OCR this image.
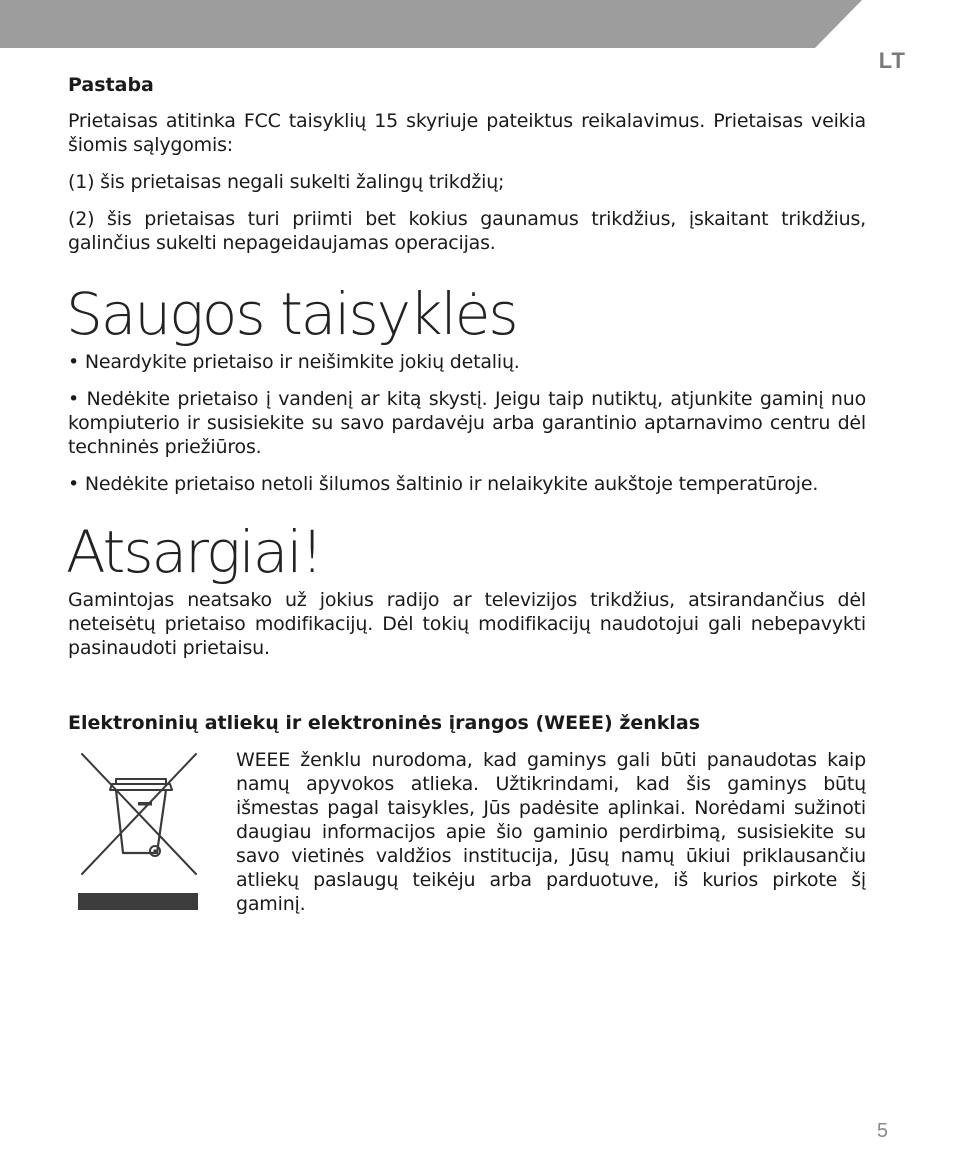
LT
Pastaba

Prietaisas atitinka FCC taisyklių 15 skyriuje pateiktus reikalavimus. Prietaisas veikia šiomis sąlygomis:

(1) šis prietaisas negali sukelti žalingų trikdžių;

(2) šis prietaisas turi priimti bet kokius gaunamus trikdžius, įskaitant trikdžius, galinčius sukelti nepageidaujamas operacijas.

Saugos taisyklės

• Neardykite prietaiso ir neišimkite jokių detalių.

• Nedėkite prietaiso į vandenį ar kitą skystį. Jeigu taip nutiktų, atjunkite gaminį nuo kompiuterio ir susisiekite su savo pardavėju arba garantinio aptarnavimo centru dėl techninės priežiūros.

• Nedėkite prietaiso netoli šilumos šaltinio ir nelaikykite aukštoje temperatūroje.

Atsargiai!

Gamintojas neatsako už jokius radijo ar televizijos trikdžius, atsirandančius dėl neteisėtų prietaiso modifikacijų. Dėl tokių modifikacijų naudotojui gali nebepavykti pasinaudoti prietaisu.

Elektroninių atliekų ir elektroninės įrangos (WEEE) ženklas

WEEE ženklu nurodoma, kad gaminys gali būti panaudotas kaip namų apyvokos atlieka. Užtikrindami, kad šis gaminys būtų išmestas pagal taisykles, Jūs padėsite aplinkai. Norėdami sužinoti daugiau informacijos apie šio gaminio perdirbimą, susisiekite su savo vietinės valdžios institucija, Jūsų namų ūkiui priklausančiu atliekų paslaugų teikėju arba parduotuve, iš kurios pirkote šį gaminį.

5
